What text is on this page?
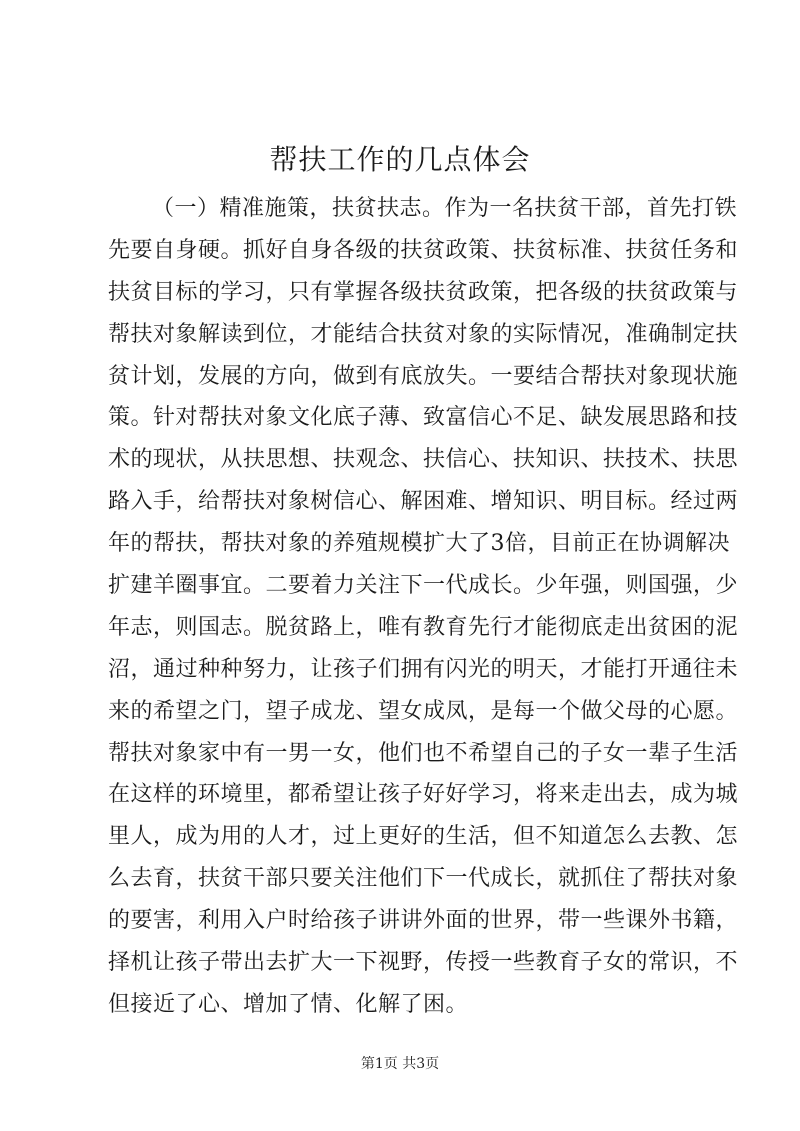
帮扶工作的几点体会
（一）精准施策，扶贫扶志。作为一名扶贫干部，首先打铁
先要自身硬。抓好自身各级的扶贫政策、扶贫标准、扶贫任务和
扶贫目标的学习，只有掌握各级扶贫政策，把各级的扶贫政策与
帮扶对象解读到位，才能结合扶贫对象的实际情况，准确制定扶
贫计划，发展的方向，做到有底放失。一要结合帮扶对象现状施
策。针对帮扶对象文化底子薄、致富信心不足、缺发展思路和技
术的现状，从扶思想、扶观念、扶信心、扶知识、扶技术、扶思
路入手，给帮扶对象树信心、解困难、增知识、明目标。经过两
年的帮扶，帮扶对象的养殖规模扩大了3倍，目前正在协调解决
扩建羊圈事宜。二要着力关注下一代成长。少年强，则国强，少
年志，则国志。脱贫路上，唯有教育先行才能彻底走出贫困的泥
沼，通过种种努力，让孩子们拥有闪光的明天，才能打开通往未
来的希望之门，望子成龙、望女成凤，是每一个做父母的心愿。
帮扶对象家中有一男一女，他们也不希望自己的子女一辈子生活
在这样的环境里，都希望让孩子好好学习，将来走出去，成为城
里人，成为用的人才，过上更好的生活，但不知道怎么去教、怎
么去育，扶贫干部只要关注他们下一代成长，就抓住了帮扶对象
的要害，利用入户时给孩子讲讲外面的世界，带一些课外书籍，
择机让孩子带出去扩大一下视野，传授一些教育子女的常识，不
但接近了心、增加了情、化解了困。
第1页 共3页
